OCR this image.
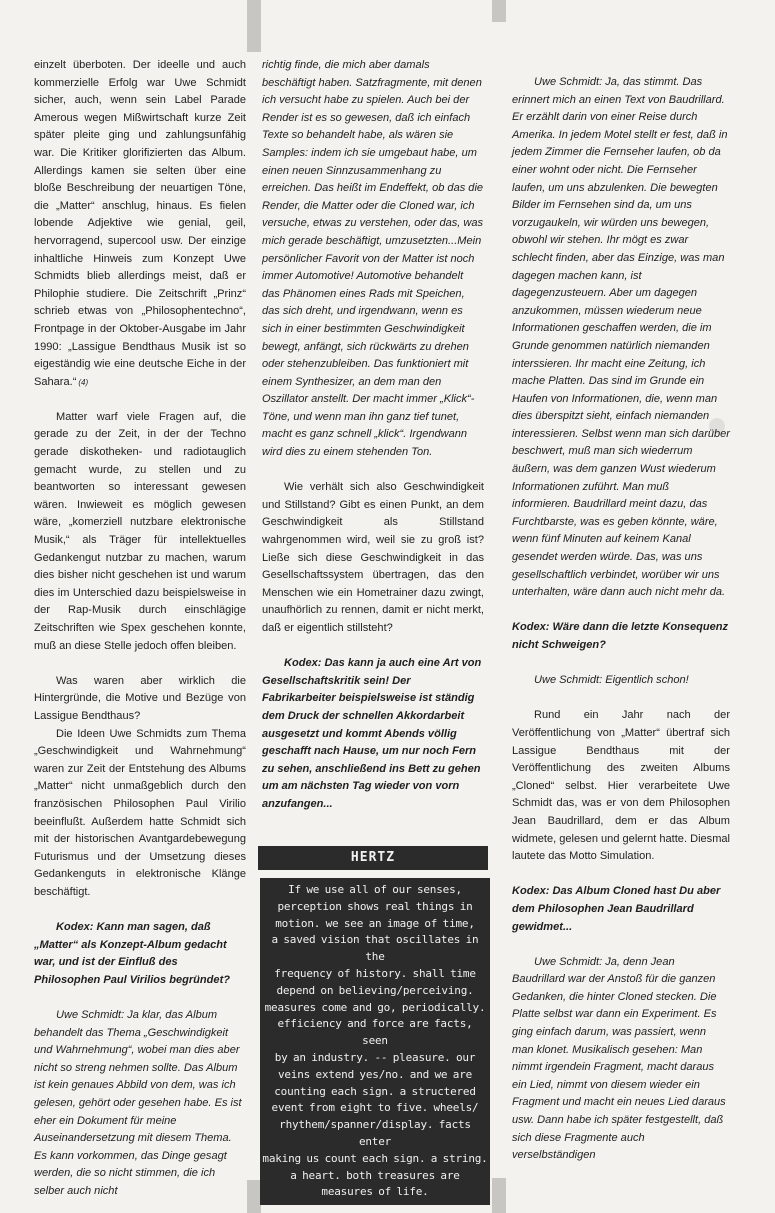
einzelt überboten. Der ideelle und auch kommerzielle Erfolg war Uwe Schmidt sicher, auch, wenn sein Label Parade Amerous wegen Mißwirtschaft kurze Zeit später pleite ging und zahlungsunfähig war. Die Kritiker glorifizierten das Album. Allerdings kamen sie selten über eine bloße Beschreibung der neuartigen Töne, die „Matter“ anschlug, hinaus. Es fielen lobende Adjektive wie genial, geil, hervorragend, supercool usw. Der einzige inhaltliche Hinweis zum Konzept Uwe Schmidts blieb allerdings meist, daß er Philophie studiere. Die Zeitschrift „Prinz“ schrieb etwas von „Philosophentechno“, Frontpage in der Oktober-Ausgabe im Jahr 1990: „Lassigue Bendthaus Musik ist so eigeständig wie eine deutsche Eiche in der Sahara.“ (4)

Matter warf viele Fragen auf, die gerade zu der Zeit, in der der Techno gerade diskotheken- und radiotauglich gemacht wurde, zu stellen und zu beantworten so interessant gewesen wären. Inwieweit es möglich gewesen wäre, „komerziell nutzbare elektronische Musik,“ als Träger für intellektuelles Gedankengut nutzbar zu machen, warum dies bisher nicht geschehen ist und warum dies im Unterschied dazu beispielsweise in der Rap-Musik durch einschlägige Zeitschriften wie Spex geschehen konnte, muß an diese Stelle jedoch offen bleiben.

Was waren aber wirklich die Hintergründe, die Motive und Bezüge von Lassigue Bendthaus?

Die Ideen Uwe Schmidts zum Thema „Geschwindigkeit und Wahrnehmung“ waren zur Zeit der Entstehung des Albums „Matter“ nicht unmaßgeblich durch den französischen Philosophen Paul Virilio beeinflußt. Außerdem hatte Schmidt sich mit der historischen Avantgardebewegung Futurismus und der Umsetzung dieses Gedankenguts in elektronische Klänge beschäftigt.

Kodex: Kann man sagen, daß „Matter“ als Konzept-Album gedacht war, und ist der Einfluß des Philosophen Paul Virilios begründet?

Uwe Schmidt: Ja klar, das Album behandelt das Thema „Geschwindigkeit und Wahrnehmung“, wobei man dies aber nicht so streng nehmen sollte. Das Album ist kein genaues Abbild von dem, was ich gelesen, gehört oder gesehen habe. Es ist eher ein Dokument für meine Auseinandersetzung mit diesem Thema. Es kann vorkommen, das Dinge gesagt werden, die so nicht stimmen, die ich selber auch nicht

richtig finde, die mich aber damals beschäftigt haben. Satzfragmente, mit denen ich versucht habe zu spielen. Auch bei der Render ist es so gewesen, daß ich einfach Texte so behandelt habe, als wären sie Samples: indem ich sie umgebaut habe, um einen neuen Sinnzusammenhang zu erreichen. Das heißt im Endeffekt, ob das die Render, die Matter oder die Cloned war, ich versuche, etwas zu verstehen, oder das, was mich gerade beschäftigt, umzusetzten...Mein persönlicher Favorit von der Matter ist noch immer Automotive! Automotive behandelt das Phänomen eines Rads mit Speichen, das sich dreht, und irgendwann, wenn es sich in einer bestimmten Geschwindigkeit bewegt, anfängt, sich rückwärts zu drehen oder stehenzubleiben. Das funktioniert mit einem Synthesizer, an dem man den Oszillator anstellt. Der macht immer „Klick“-Töne, und wenn man ihn ganz tief tunet, macht es ganz schnell „klick“. Irgendwann wird dies zu einem stehenden Ton.

Wie verhält sich also Geschwindigkeit und Stillstand? Gibt es einen Punkt, an dem Geschwindigkeit als Stillstand wahrgenommen wird, weil sie zu groß ist? Ließe sich diese Geschwindigkeit in das Gesellschaftssystem übertragen, das den Menschen wie ein Hometrainer dazu zwingt, unaufhörlich zu rennen, damit er nicht merkt, daß er eigentlich stillsteht?

Kodex: Das kann ja auch eine Art von Gesellschaftskritik sein! Der Fabrikarbeiter beispielsweise ist ständig dem Druck der schnellen Akkordarbeit ausgesetzt und kommt Abends völlig geschafft nach Hause, um nur noch Fern zu sehen, anschließend ins Bett zu gehen um am nächsten Tag wieder von vorn anzufangen...

HERTZ

If we use all of our senses,

perception shows real things in

motion. we see an image of time,

a saved vision that oscillates in the

frequency of history. shall time

depend on believing/perceiving.

measures come and go, periodically.

efficiency and force are facts, seen

by an industry. -- pleasure. our

veins extend yes/no. and we are

counting each sign. a structered

event from eight to five. wheels/

rhythem/spanner/display. facts enter

making us count each sign. a string.

a heart. both treasures are

measures of life.

Uwe Schmidt: Ja, das stimmt. Das erinnert mich an einen Text von Baudrillard. Er erzählt darin von einer Reise durch Amerika. In jedem Motel stellt er fest, daß in jedem Zimmer die Fernseher laufen, ob da einer wohnt oder nicht. Die Fernseher laufen, um uns abzulenken. Die bewegten Bilder im Fernsehen sind da, um uns vorzugaukeln, wir würden uns bewegen, obwohl wir stehen. Ihr mögt es zwar schlecht finden, aber das Einzige, was man dagegen machen kann, ist dagegenzusteuern. Aber um dagegen anzukommen, müssen wiederum neue Informationen geschaffen werden, die im Grunde genommen natürlich niemanden interssieren. Ihr macht eine Zeitung, ich mache Platten. Das sind im Grunde ein Haufen von Informationen, die, wenn man dies überspitzt sieht, einfach niemanden interessieren. Selbst wenn man sich darüber beschwert, muß man sich wiederrum äußern, was dem ganzen Wust wiederum Informationen zuführt. Man muß informieren. Baudrillard meint dazu, das Furchtbarste, was es geben könnte, wäre, wenn fünf Minuten auf keinem Kanal gesendet werden würde. Das, was uns gesellschaftlich verbindet, worüber wir uns unterhalten, wäre dann auch nicht mehr da.

Kodex: Wäre dann die letzte Konsequenz nicht Schweigen?

Uwe Schmidt: Eigentlich schon!

Rund ein Jahr nach der Veröffentlichung von „Matter“ übertraf sich Lassigue Bendthaus mit der Veröffentlichung des zweiten Albums „Cloned“ selbst. Hier verarbeitete Uwe Schmidt das, was er von dem Philosophen Jean Baudrillard, dem er das Album widmete, gelesen und gelernt hatte. Diesmal lautete das Motto Simulation.

Kodex: Das Album Cloned hast Du aber dem Philosophen Jean Baudrillard gewidmet...

Uwe Schmidt: Ja, denn Jean Baudrillard war der Anstoß für die ganzen Gedanken, die hinter Cloned stecken. Die Platte selbst war dann ein Experiment. Es ging einfach darum, was passiert, wenn man klonet. Musikalisch gesehen: Man nimmt irgendein Fragment, macht daraus ein Lied, nimmt von diesem wieder ein Fragment und macht ein neues Lied daraus usw. Dann habe ich später festgestellt, daß sich diese Fragmente auch verselbständigen
